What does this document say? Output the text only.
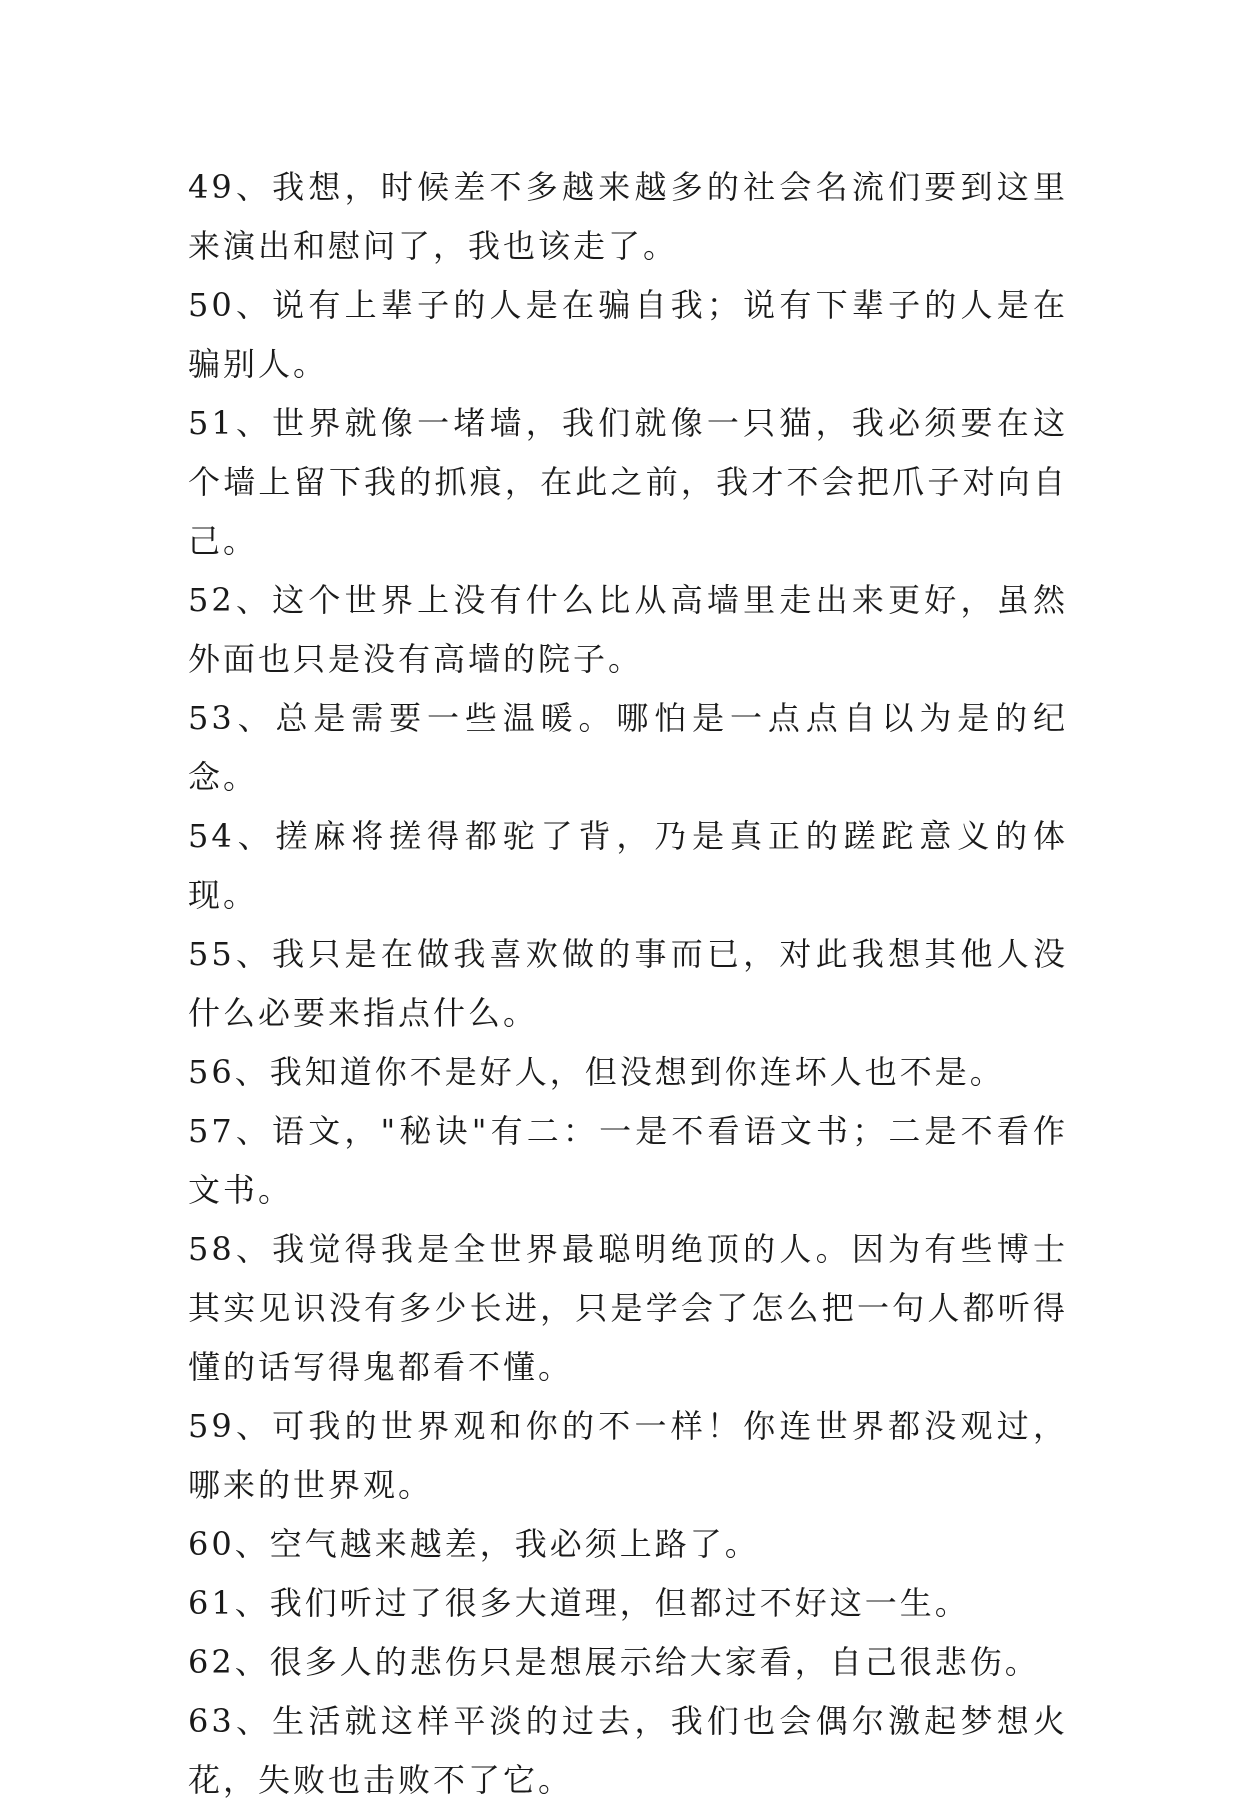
49、我想，时候差不多越来越多的社会名流们要到这里来演出和慰问了，我也该走了。

50、说有上辈子的人是在骗自我；说有下辈子的人是在骗别人。

51、世界就像一堵墙，我们就像一只猫，我必须要在这个墙上留下我的抓痕，在此之前，我才不会把爪子对向自己。

52、这个世界上没有什么比从高墙里走出来更好，虽然外面也只是没有高墙的院子。

53、总是需要一些温暖。哪怕是一点点自以为是的纪念。

54、搓麻将搓得都驼了背，乃是真正的蹉跎意义的体现。

55、我只是在做我喜欢做的事而已，对此我想其他人没什么必要来指点什么。

56、我知道你不是好人，但没想到你连坏人也不是。

57、语文，"秘诀"有二：一是不看语文书；二是不看作文书。

58、我觉得我是全世界最聪明绝顶的人。因为有些博士其实见识没有多少长进，只是学会了怎么把一句人都听得懂的话写得鬼都看不懂。

59、可我的世界观和你的不一样！你连世界都没观过，哪来的世界观。

60、空气越来越差，我必须上路了。

61、我们听过了很多大道理，但都过不好这一生。

62、很多人的悲伤只是想展示给大家看，自己很悲伤。

63、生活就这样平淡的过去，我们也会偶尔激起梦想火花，失败也击败不了它。
